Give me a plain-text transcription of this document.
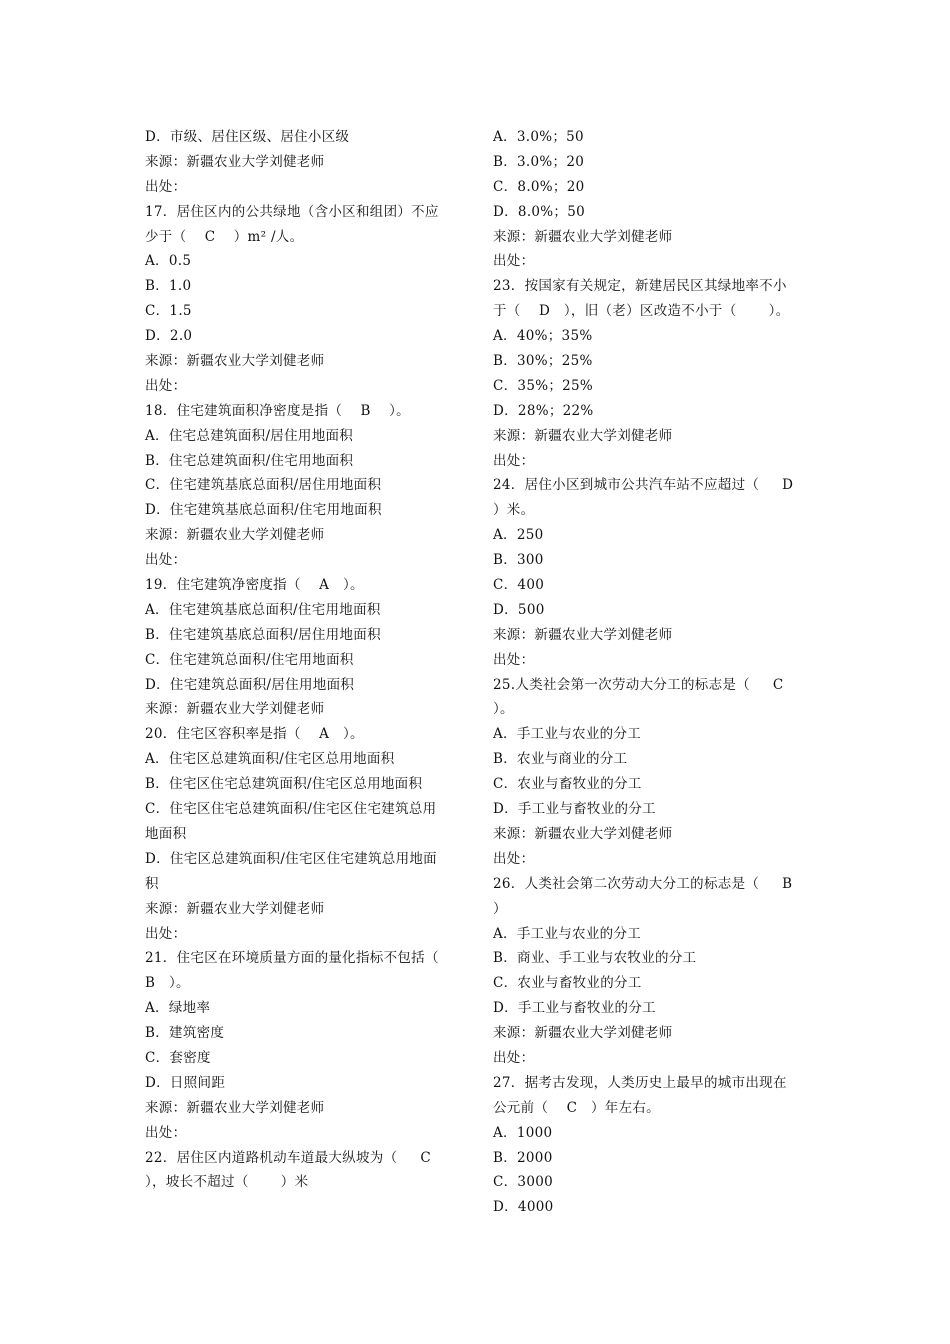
D．市级、居住区级、居住小区级
来源：新疆农业大学刘健老师
出处：
17．居住区内的公共绿地（含小区和组团）不应
少于（    C    ）m² /人。
A．0.5
B．1.0
C．1.5
D．2.0
来源：新疆农业大学刘健老师
出处：
18．住宅建筑面积净密度是指（    B    ）。
A．住宅总建筑面积/居住用地面积
B．住宅总建筑面积/住宅用地面积
C．住宅建筑基底总面积/居住用地面积
D．住宅建筑基底总面积/住宅用地面积
来源：新疆农业大学刘健老师
出处：
19．住宅建筑净密度指（    A   ）。
A．住宅建筑基底总面积/住宅用地面积
B．住宅建筑基底总面积/居住用地面积
C．住宅建筑总面积/住宅用地面积
D．住宅建筑总面积/居住用地面积
来源：新疆农业大学刘健老师
20．住宅区容积率是指（    A   ）。
A．住宅区总建筑面积/住宅区总用地面积
B．住宅区住宅总建筑面积/住宅区总用地面积
C．住宅区住宅总建筑面积/住宅区住宅建筑总用
地面积
D．住宅区总建筑面积/住宅区住宅建筑总用地面
积
来源：新疆农业大学刘健老师
出处：
21．住宅区在环境质量方面的量化指标不包括（
B   ）。
A．绿地率
B．建筑密度
C．套密度
D．日照间距
来源：新疆农业大学刘健老师
出处：
22．居住区内道路机动车道最大纵坡为（     C
），坡长不超过（       ）米
A．3.0%；50
B．3.0%；20
C．8.0%；20
D．8.0%；50
来源：新疆农业大学刘健老师
出处：
23．按国家有关规定，新建居民区其绿地率不小
于（    D   ），旧（老）区改造不小于（       ）。
A．40%；35%
B．30%；25%
C．35%；25%
D．28%；22%
来源：新疆农业大学刘健老师
出处：
24．居住小区到城市公共汽车站不应超过（     D
）米。
A．250
B．300
C．400
D．500
来源：新疆农业大学刘健老师
出处：
25.人类社会第一次劳动大分工的标志是（     C
）。
A．手工业与农业的分工
B．农业与商业的分工
C．农业与畜牧业的分工
D．手工业与畜牧业的分工
来源：新疆农业大学刘健老师
出处：
26．人类社会第二次劳动大分工的标志是（     B
）
A．手工业与农业的分工
B．商业、手工业与农牧业的分工
C．农业与畜牧业的分工
D．手工业与畜牧业的分工
来源：新疆农业大学刘健老师
出处：
27．据考古发现，人类历史上最早的城市出现在
公元前（    C   ）年左右。
A．1000
B．2000
C．3000
D．4000
